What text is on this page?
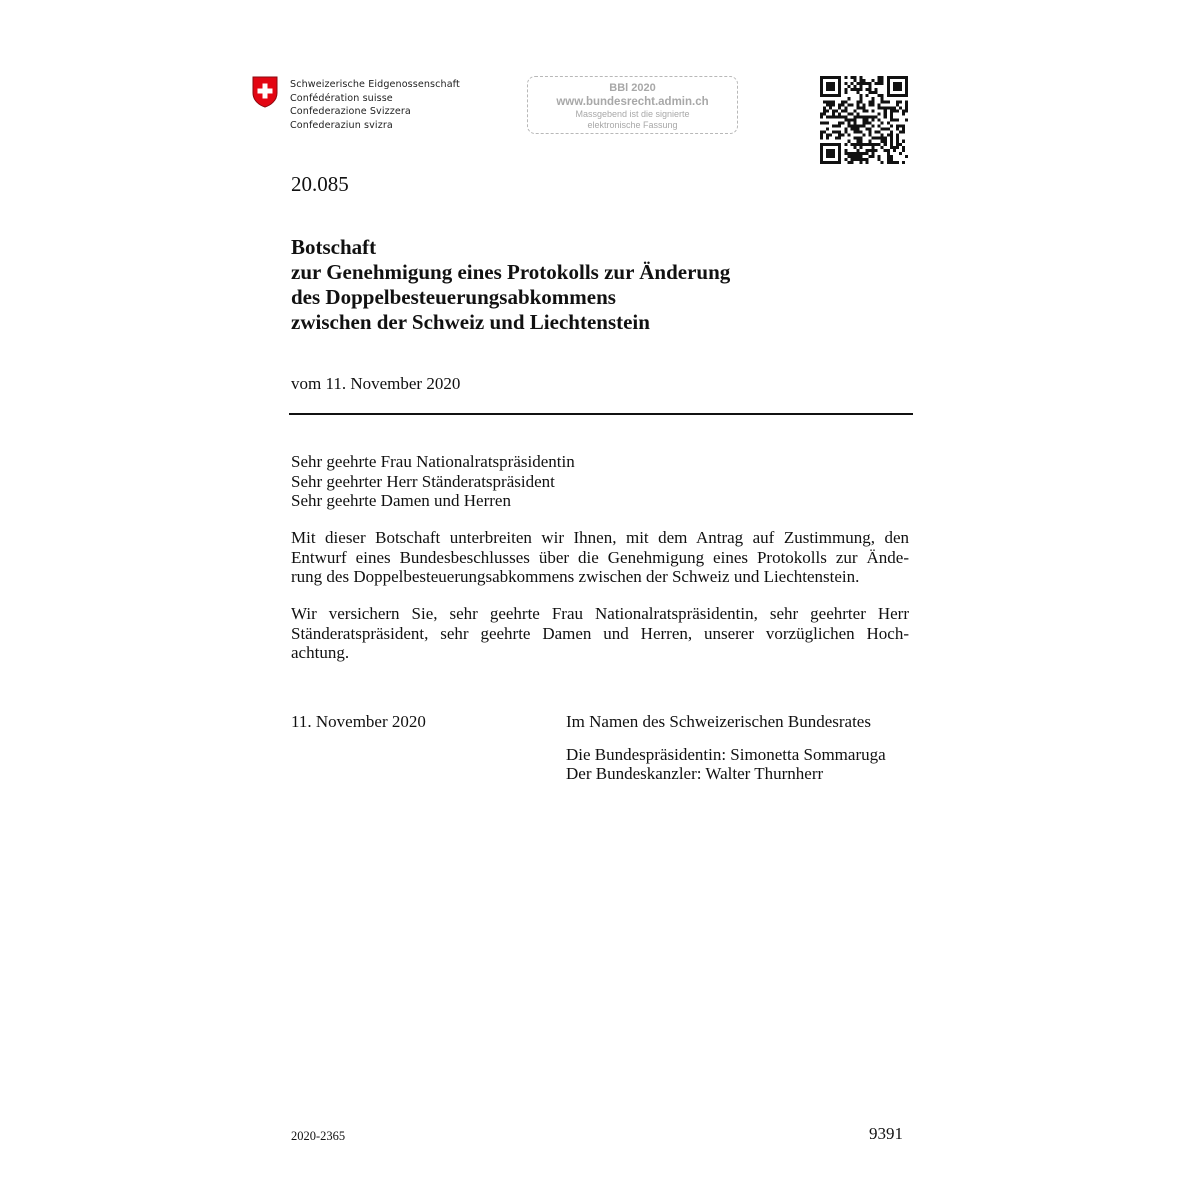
Schweizerische Eidgenossenschaft
Confédération suisse
Confederazione Svizzera
Confederaziun svizra
BBl 2020
www.bundesrecht.admin.ch
Massgebend ist die signierte
elektronische Fassung
20.085
Botschaft
zur Genehmigung eines Protokolls zur Änderung
des Doppelbesteuerungsabkommens
zwischen der Schweiz und Liechtenstein
vom 11. November 2020
Sehr geehrte Frau Nationalratspräsidentin
Sehr geehrter Herr Ständeratspräsident
Sehr geehrte Damen und Herren
Mit dieser Botschaft unterbreiten wir Ihnen, mit dem Antrag auf Zustimmung, den
Entwurf eines Bundesbeschlusses über die Genehmigung eines Protokolls zur Ände-
rung des Doppelbesteuerungsabkommens zwischen der Schweiz und Liechtenstein.
Wir versichern Sie, sehr geehrte Frau Nationalratspräsidentin, sehr geehrter Herr
Ständeratspräsident, sehr geehrte Damen und Herren, unserer vorzüglichen Hoch-
achtung.
11. November 2020	Im Namen des Schweizerischen Bundesrates
Die Bundespräsidentin: Simonetta Sommaruga
Der Bundeskanzler: Walter Thurnherr
2020-2365	9391
